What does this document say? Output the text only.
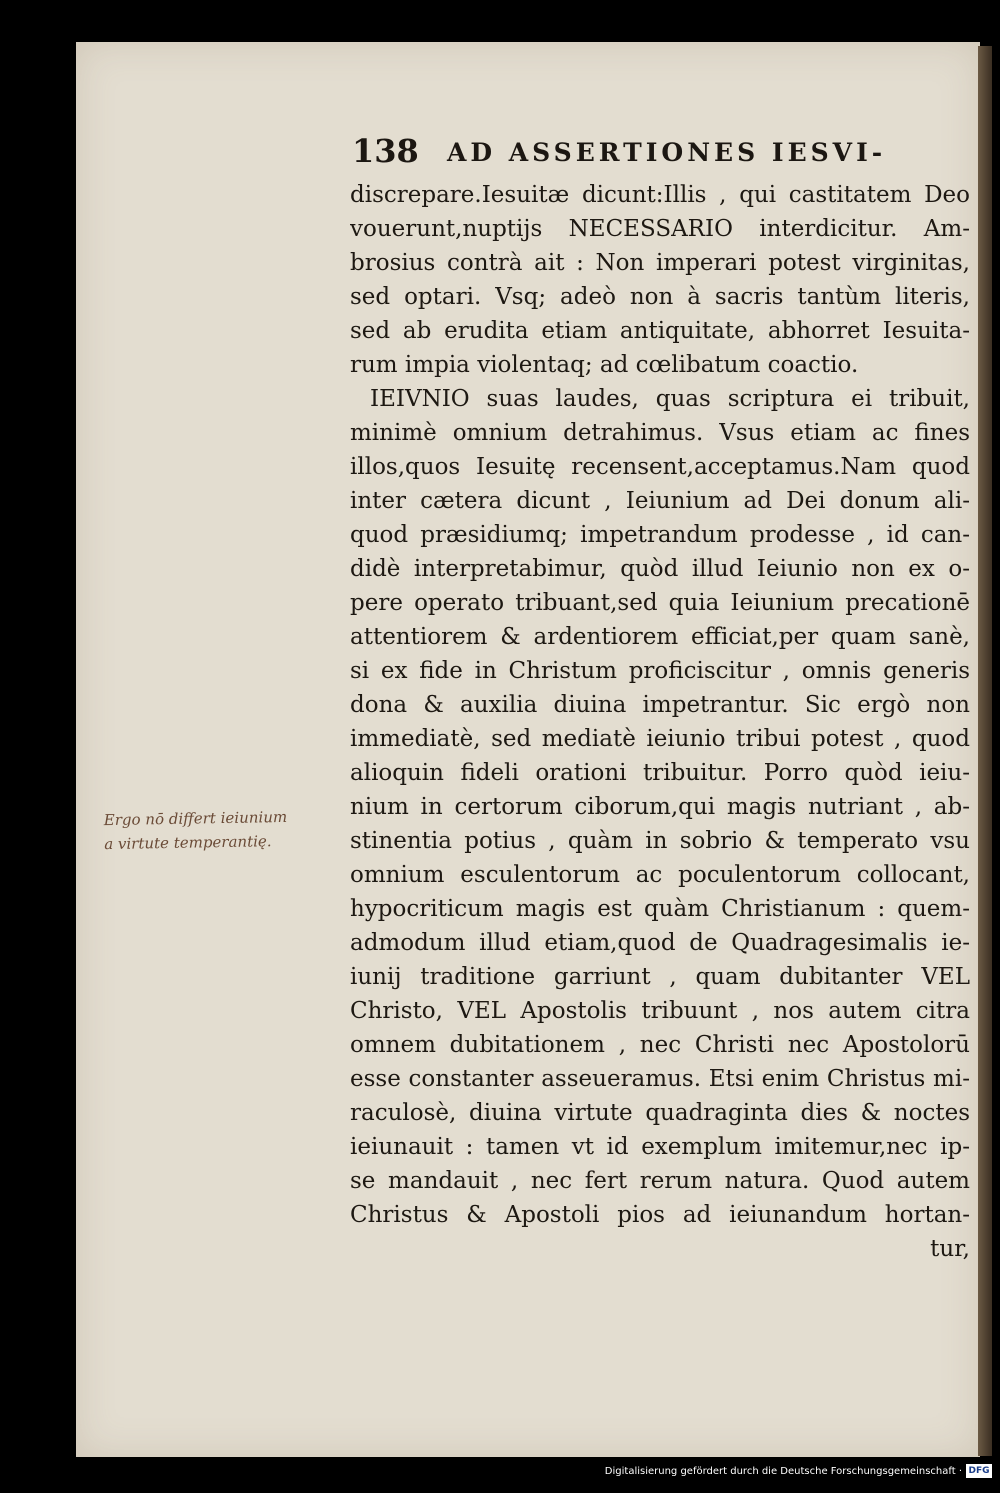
138 AD ASSERTIONES IESVI-
discrepare.Iesuitæ dicunt:Illis , qui castitatem Deo
vouerunt,nuptijs NECESSARIO interdicitur. Am-
brosius contrà ait : Non imperari potest virginitas,
sed optari. Vsq; adeò non à sacris tantùm literis,
sed ab erudita etiam antiquitate, abhorret Iesuita-
rum impia violentaq; ad cœlibatum coactio.
IEIVNIO suas laudes, quas scriptura ei tribuit,
minimè omnium detrahimus. Vsus etiam ac fines
illos,quos Iesuitę recensent,acceptamus.Nam quod
inter cætera dicunt , Ieiunium ad Dei donum ali-
quod præsidiumq; impetrandum prodesse , id can-
didè interpretabimur, quòd illud Ieiunio non ex o-
pere operato tribuant,sed quia Ieiunium precationē
attentiorem & ardentiorem efficiat,per quam sanè,
si ex fide in Christum proficiscitur , omnis generis
dona & auxilia diuina impetrantur. Sic ergò non
immediatè, sed mediatè ieiunio tribui potest , quod
alioquin fideli orationi tribuitur. Porro quòd ieiu-
nium in certorum ciborum,qui magis nutriant , ab-
stinentia potius , quàm in sobrio & temperato vsu
omnium esculentorum ac poculentorum collocant,
hypocriticum magis est quàm Christianum : quem-
admodum illud etiam,quod de Quadragesimalis ie-
iunij traditione garriunt , quam dubitanter VEL
Christo, VEL Apostolis tribuunt , nos autem citra
omnem dubitationem , nec Christi nec Apostolorū
esse constanter asseueramus. Etsi enim Christus mi-
raculosè, diuina virtute quadraginta dies & noctes
ieiunauit : tamen vt id exemplum imitemur,nec ip-
se mandauit , nec fert rerum natura. Quod autem
Christus & Apostoli pios ad ieiunandum hortan-
tur,
Ergo nō differt ieiunium
a virtute temperantię.
Digitalisierung gefördert durch die Deutsche Forschungsgemeinschaft · DFG
